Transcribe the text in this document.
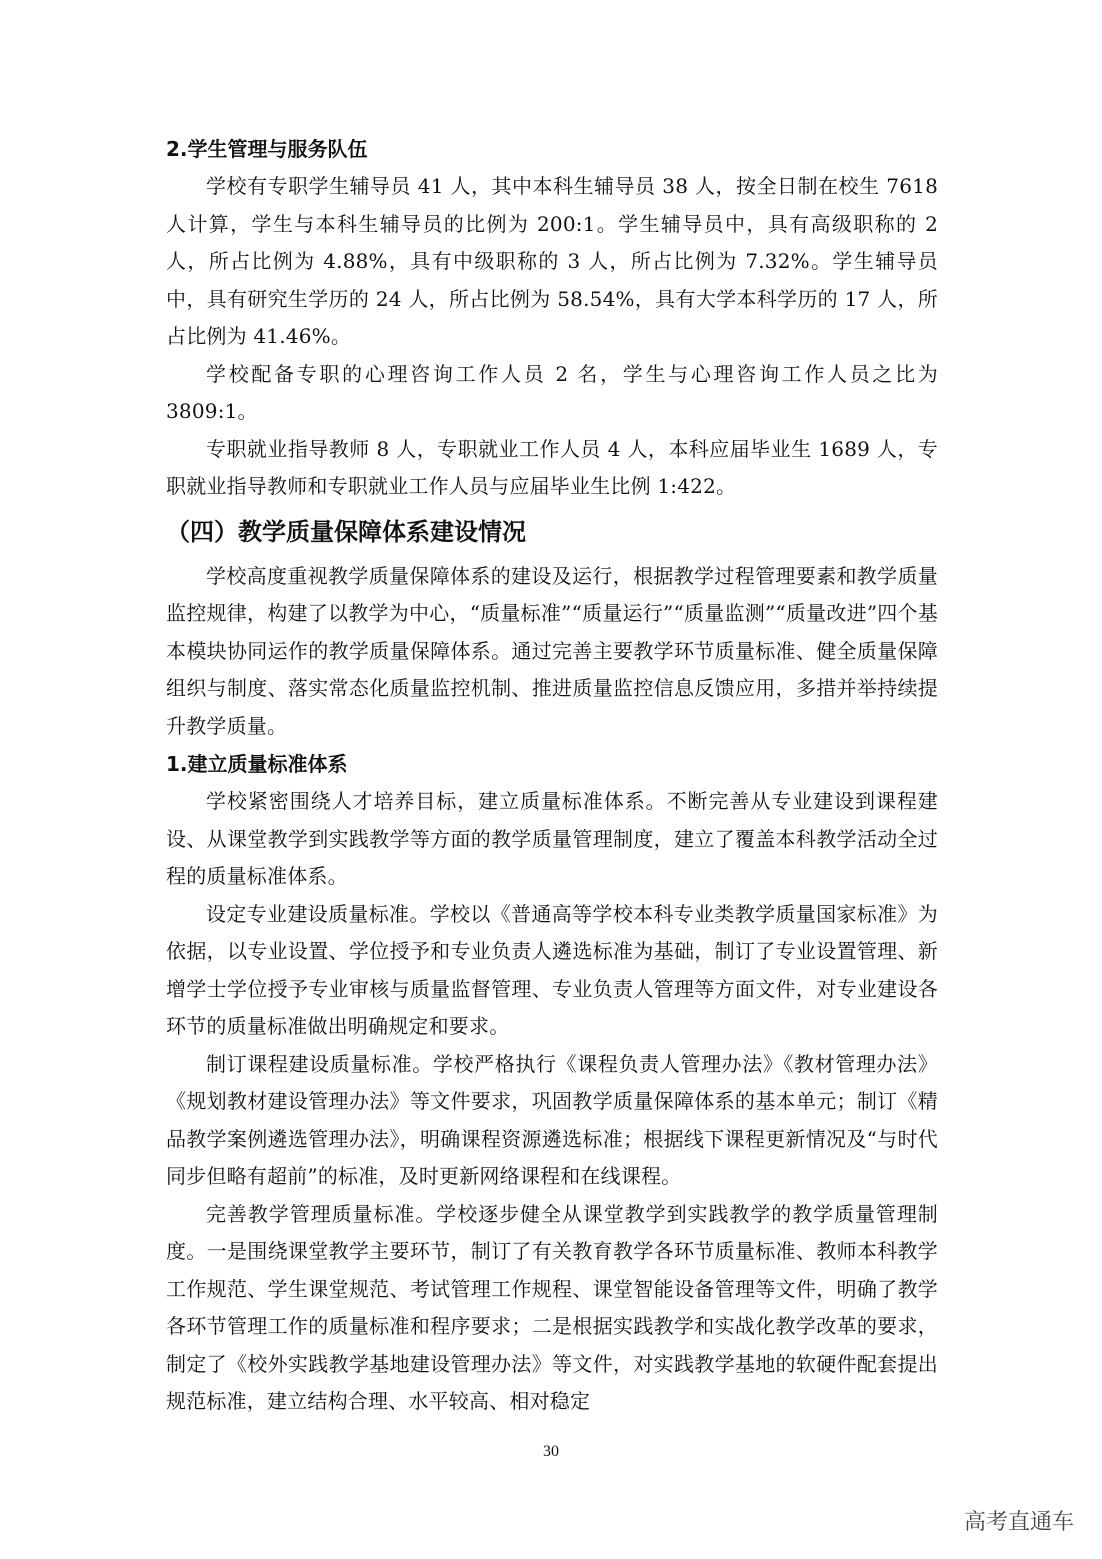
2.学生管理与服务队伍

学校有专职学生辅导员 41 人，其中本科生辅导员 38 人，按全日制在校生 7618 人计算，学生与本科生辅导员的比例为 200:1。学生辅导员中，具有高级职称的 2 人，所占比例为 4.88%，具有中级职称的 3 人，所占比例为 7.32%。学生辅导员中，具有研究生学历的 24 人，所占比例为 58.54%，具有大学本科学历的 17 人，所占比例为 41.46%。

学校配备专职的心理咨询工作人员 2 名，学生与心理咨询工作人员之比为 3809:1。

专职就业指导教师 8 人，专职就业工作人员 4 人，本科应届毕业生 1689 人，专职就业指导教师和专职就业工作人员与应届毕业生比例 1:422。

（四）教学质量保障体系建设情况

学校高度重视教学质量保障体系的建设及运行，根据教学过程管理要素和教学质量监控规律，构建了以教学为中心，“质量标准”“质量运行”“质量监测”“质量改进”四个基本模块协同运作的教学质量保障体系。通过完善主要教学环节质量标准、健全质量保障组织与制度、落实常态化质量监控机制、推进质量监控信息反馈应用，多措并举持续提升教学质量。

1.建立质量标准体系

学校紧密围绕人才培养目标，建立质量标准体系。不断完善从专业建设到课程建设、从课堂教学到实践教学等方面的教学质量管理制度，建立了覆盖本科教学活动全过程的质量标准体系。

设定专业建设质量标准。学校以《普通高等学校本科专业类教学质量国家标准》为依据，以专业设置、学位授予和专业负责人遴选标准为基础，制订了专业设置管理、新增学士学位授予专业审核与质量监督管理、专业负责人管理等方面文件，对专业建设各环节的质量标准做出明确规定和要求。

制订课程建设质量标准。学校严格执行《课程负责人管理办法》《教材管理办法》《规划教材建设管理办法》等文件要求，巩固教学质量保障体系的基本单元；制订《精品教学案例遴选管理办法》，明确课程资源遴选标准；根据线下课程更新情况及“与时代同步但略有超前”的标准，及时更新网络课程和在线课程。

完善教学管理质量标准。学校逐步健全从课堂教学到实践教学的教学质量管理制度。一是围绕课堂教学主要环节，制订了有关教育教学各环节质量标准、教师本科教学工作规范、学生课堂规范、考试管理工作规程、课堂智能设备管理等文件，明确了教学各环节管理工作的质量标准和程序要求；二是根据实践教学和实战化教学改革的要求，制定了《校外实践教学基地建设管理办法》等文件，对实践教学基地的软硬件配套提出规范标准，建立结构合理、水平较高、相对稳定

30
高考直通车
